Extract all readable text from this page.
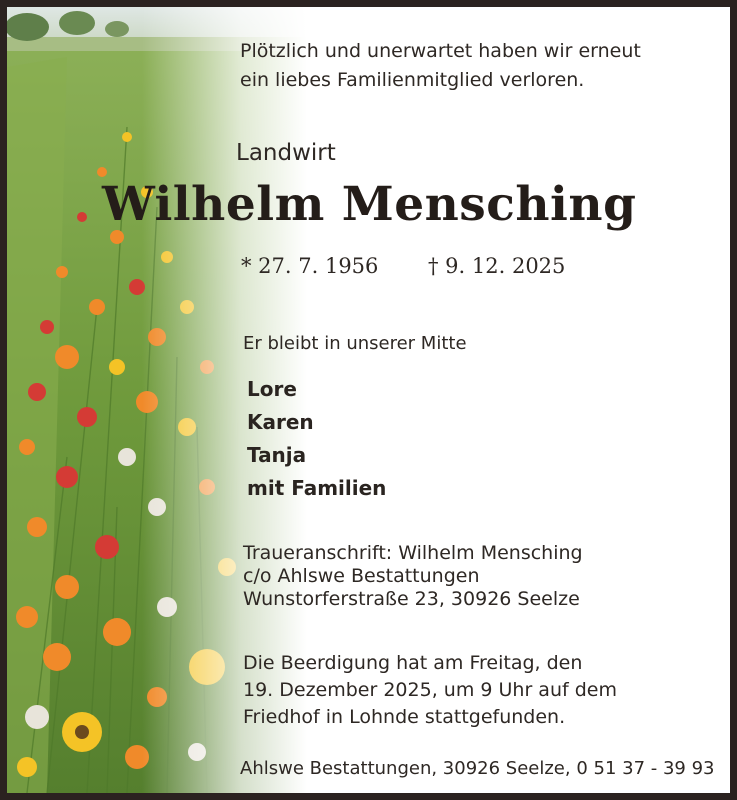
Plötzlich und unerwartet haben wir erneut
ein liebes Familienmitglied verloren.
Landwirt
Wilhelm Mensching
* 27. 7. 1956 † 9. 12. 2025
Er bleibt in unserer Mitte
Lore
Karen
Tanja
mit Familien
Traueranschrift: Wilhelm Mensching
c/o Ahlswe Bestattungen
Wunstorferstraße 23, 30926 Seelze
Die Beerdigung hat am Freitag, den
19. Dezember 2025, um 9 Uhr auf dem
Friedhof in Lohnde stattgefunden.
Ahlswe Bestattungen, 30926 Seelze, 0 51 37 - 39 93
